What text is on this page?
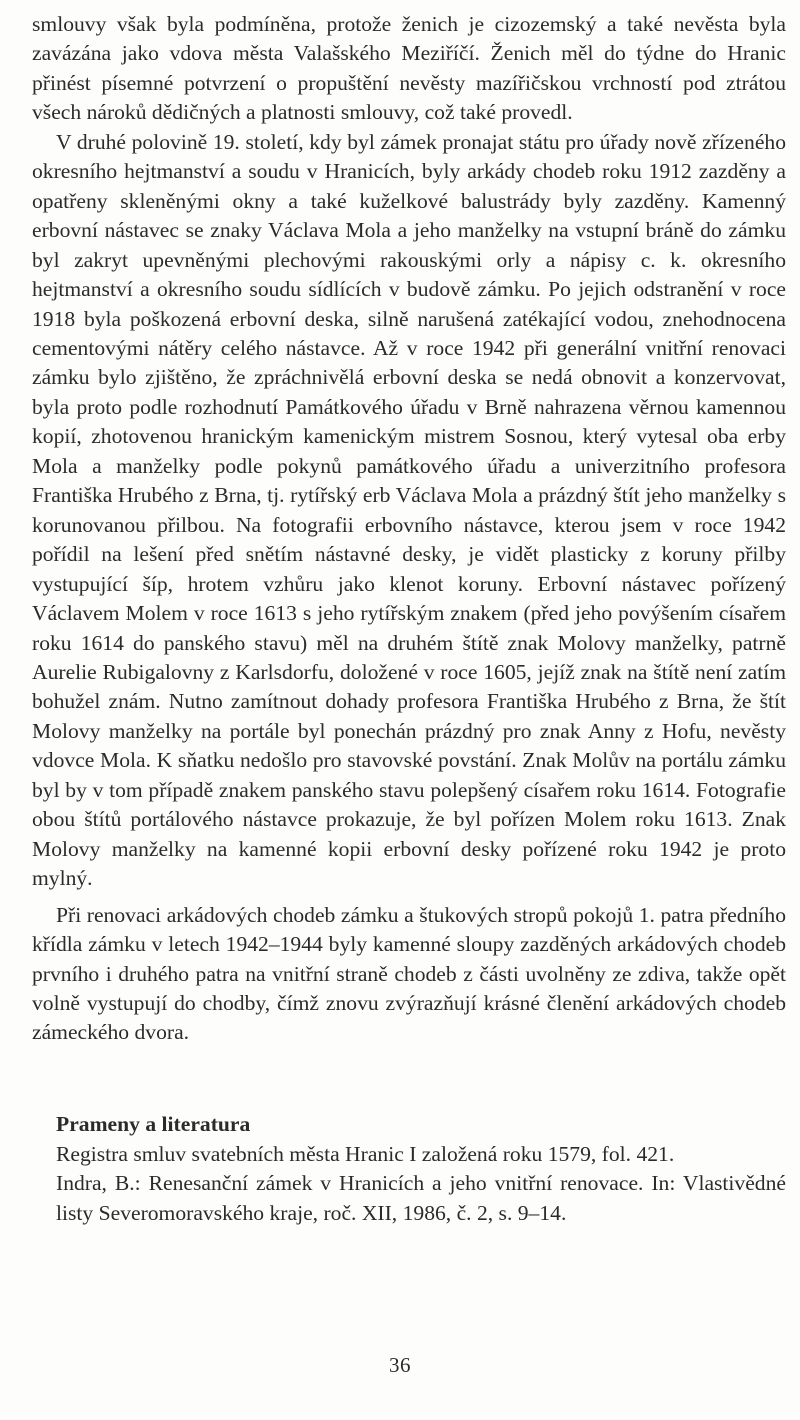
smlouvy však byla podmíněna, protože ženich je cizozemský a také nevěsta byla zavázána jako vdova města Valašského Meziříčí. Ženich měl do týdne do Hranic přinést písemné potvrzení o propuštění nevěsty mazířičskou vrchností pod ztrátou všech nároků dědičných a platnosti smlouvy, což také provedl.

V druhé polovině 19. století, kdy byl zámek pronajat státu pro úřady nově zřízeného okresního hejtmanství a soudu v Hranicích, byly arkády chodeb roku 1912 zazděny a opatřeny skleněnými okny a také kuželkové balustrády byly zazděny. Kamenný erbovní nástavec se znaky Václava Mola a jeho manželky na vstupní bráně do zámku byl zakryt upevněnými plechovými rakouskými orly a nápisy c. k. okresního hejtmanství a okresního soudu sídlících v budově zámku. Po jejich odstranění v roce 1918 byla poškozená erbovní deska, silně narušená zatékající vodou, znehodnocena cementovými nátěry celého nástavce. Až v roce 1942 při generální vnitřní renovaci zámku bylo zjištěno, že zpráchnivělá erbovní deska se nedá obnovit a konzervovat, byla proto podle rozhodnutí Památkového úřadu v Brně nahrazena věrnou kamennou kopií, zhotovenou hranickým kamenickým mistrem Sosnou, který vytesal oba erby Mola a manželky podle pokynů památkového úřadu a univerzitního profesora Františka Hrubého z Brna, tj. rytířský erb Václava Mola a prázdný štít jeho manželky s korunovanou přilbou. Na fotografii erbovního nástavce, kterou jsem v roce 1942 pořídil na lešení před snětím nástavné desky, je vidět plasticky z koruny přilby vystupující šíp, hrotem vzhůru jako klenot koruny. Erbovní nástavec pořízený Václavem Molem v roce 1613 s jeho rytířským znakem (před jeho povýšením císařem roku 1614 do panského stavu) měl na druhém štítě znak Molovy manželky, patrně Aurelie Rubigalovny z Karlsdorfu, doložené v roce 1605, jejíž znak na štítě není zatím bohužel znám. Nutno zamítnout dohady profesora Františka Hrubého z Brna, že štít Molovy manželky na portále byl ponechán prázdný pro znak Anny z Hofu, nevěsty vdovce Mola. K sňatku nedošlo pro stavovské povstání. Znak Molův na portálu zámku byl by v tom případě znakem panského stavu polepšený císařem roku 1614. Fotografie obou štítů portálového nástavce prokazuje, že byl pořízen Molem roku 1613. Znak Molovy manželky na kamenné kopii erbovní desky pořízené roku 1942 je proto mylný.

Při renovaci arkádových chodeb zámku a štukových stropů pokojů 1. patra předního křídla zámku v letech 1942–1944 byly kamenné sloupy zazděných arkádových chodeb prvního i druhého patra na vnitřní straně chodeb z části uvolněny ze zdiva, takže opět volně vystupují do chodby, čímž znovu zvýrazňují krásné členění arkádových chodeb zámeckého dvora.

Prameny a literatura

Registra smluv svatebních města Hranic I založená roku 1579, fol. 421.
Indra, B.: Renesanční zámek v Hranicích a jeho vnitřní renovace. In: Vlastivědné listy Severomoravského kraje, roč. XII, 1986, č. 2, s. 9–14.
36
